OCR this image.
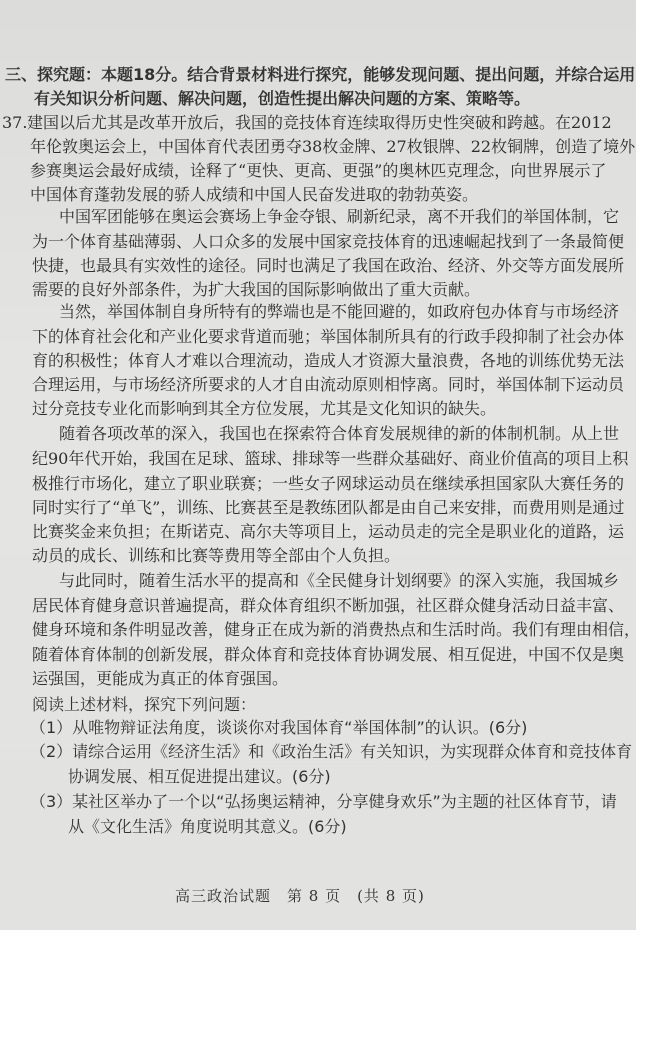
三、探究题：本题18分。结合背景材料进行探究，能够发现问题、提出问题，并综合运用
有关知识分析问题、解决问题，创造性提出解决问题的方案、策略等。
37. 建国以后尤其是改革开放后，我国的竞技体育连续取得历史性突破和跨越。在2012
年伦敦奥运会上，中国体育代表团勇夺38枚金牌、27枚银牌、22枚铜牌，创造了境外
参赛奥运会最好成绩，诠释了“更快、更高、更强”的奥林匹克理念，向世界展示了
中国体育蓬勃发展的骄人成绩和中国人民奋发进取的勃勃英姿。
中国军团能够在奥运会赛场上争金夺银、刷新纪录，离不开我们的举国体制，它
为一个体育基础薄弱、人口众多的发展中国家竞技体育的迅速崛起找到了一条最简便
快捷，也最具有实效性的途径。同时也满足了我国在政治、经济、外交等方面发展所
需要的良好外部条件，为扩大我国的国际影响做出了重大贡献。
当然，举国体制自身所特有的弊端也是不能回避的，如政府包办体育与市场经济
下的体育社会化和产业化要求背道而驰；举国体制所具有的行政手段抑制了社会办体
育的积极性；体育人才难以合理流动，造成人才资源大量浪费，各地的训练优势无法
合理运用，与市场经济所要求的人才自由流动原则相悖离。同时，举国体制下运动员
过分竞技专业化而影响到其全方位发展，尤其是文化知识的缺失。
随着各项改革的深入，我国也在探索符合体育发展规律的新的体制机制。从上世
纪90年代开始，我国在足球、篮球、排球等一些群众基础好、商业价值高的项目上积
极推行市场化，建立了职业联赛；一些女子网球运动员在继续承担国家队大赛任务的
同时实行了“单飞”，训练、比赛甚至是教练团队都是由自己来安排，而费用则是通过
比赛奖金来负担；在斯诺克、高尔夫等项目上，运动员走的完全是职业化的道路，运
动员的成长、训练和比赛等费用等全部由个人负担。
与此同时，随着生活水平的提高和《全民健身计划纲要》的深入实施，我国城乡
居民体育健身意识普遍提高，群众体育组织不断加强，社区群众健身活动日益丰富、
健身环境和条件明显改善，健身正在成为新的消费热点和生活时尚。我们有理由相信，
随着体育体制的创新发展，群众体育和竞技体育协调发展、相互促进，中国不仅是奥
运强国，更能成为真正的体育强国。
阅读上述材料，探究下列问题：
（1）从唯物辩证法角度，谈谈你对我国体育“举国体制”的认识。(6分)
（2）请综合运用《经济生活》和《政治生活》有关知识，为实现群众体育和竞技体育
协调发展、相互促进提出建议。(6分)
（3）某社区举办了一个以“弘扬奥运精神，分享健身欢乐”为主题的社区体育节，请
从《文化生活》角度说明其意义。(6分)
高三政治试题　第 8 页　(共 8 页)
